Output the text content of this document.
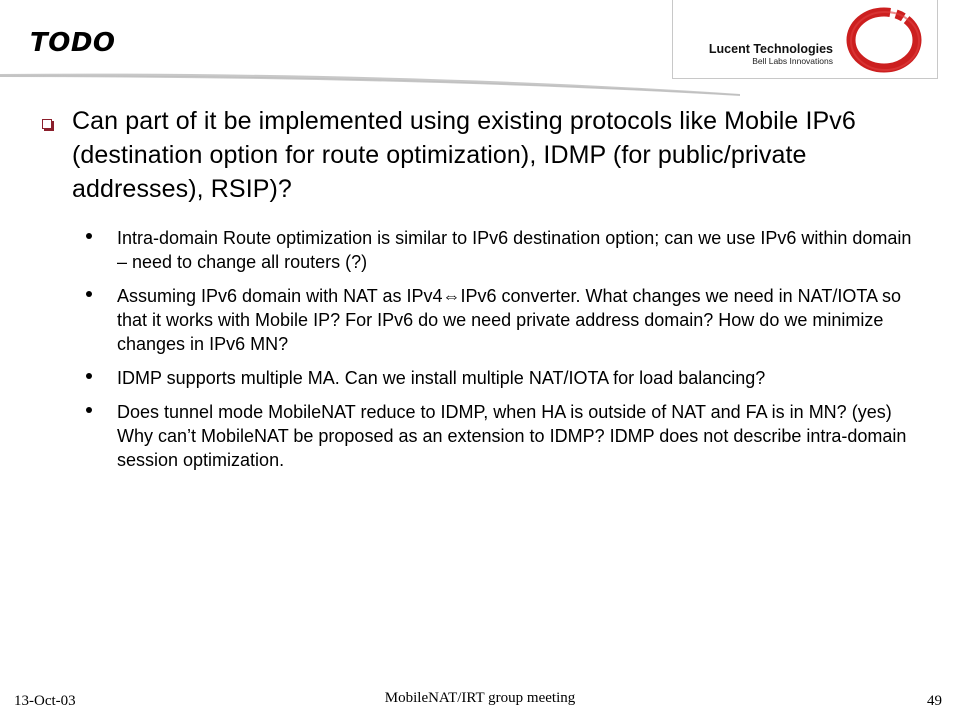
TODO	Lucent Technologies
Bell Labs Innovations
Can part of it be implemented using existing protocols like Mobile IPv6 (destination option for route optimization), IDMP (for public/private addresses), RSIP)?
Intra-domain Route optimization is similar to IPv6 destination option; can we use IPv6 within domain – need to change all routers (?)
Assuming IPv6 domain with NAT as IPv4⇔IPv6 converter. What changes we need in NAT/IOTA so that it works with Mobile IP? For IPv6 do we need private address domain? How do we minimize changes in IPv6 MN?
IDMP supports multiple MA. Can we install multiple NAT/IOTA for load balancing?
Does tunnel mode MobileNAT reduce to IDMP, when HA is outside of NAT and FA is in MN? (yes) Why can’t MobileNAT be proposed as an extension to IDMP? IDMP does not describe intra-domain session optimization.
13-Oct-03	MobileNAT/IRT group meeting	49
